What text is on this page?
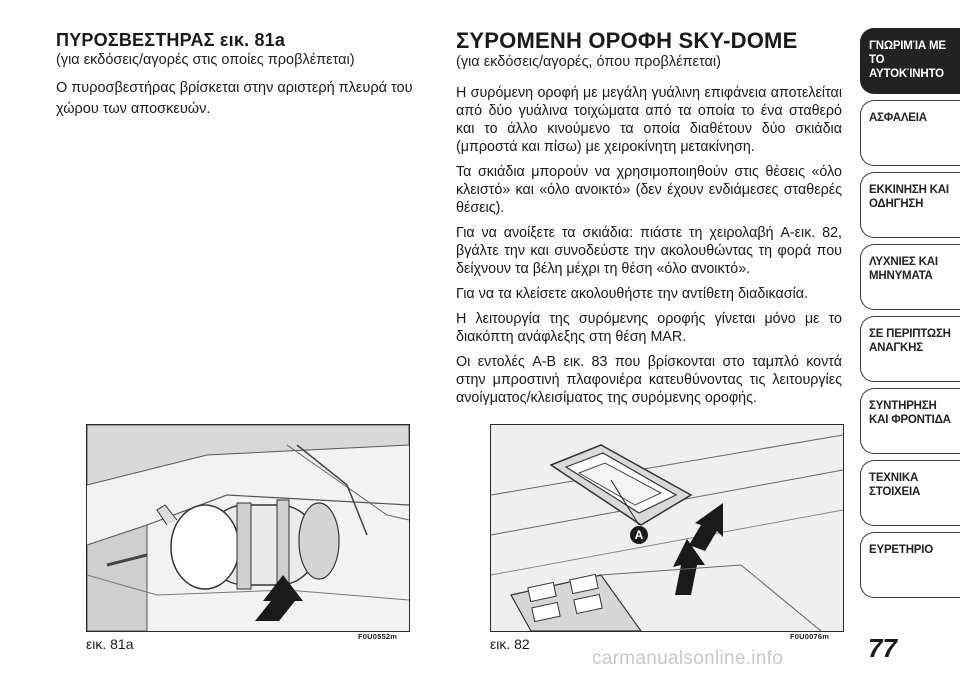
ΠΥΡΟΣΒΕΣΤΗΡΑΣ εικ. 81a
(για εκδόσεις/αγορές στις οποίες προβλέπεται)

Ο πυροσβεστήρας βρίσκεται στην αριστερή πλευρά του χώρου των αποσκευών.

ΣΥΡΟΜΕΝΗ ΟΡΟΦΗ SKY-DOME
(για εκδόσεις/αγορές, όπου προβλέπεται)

Η συρόμενη οροφή με μεγάλη γυάλινη επιφάνεια αποτελείται από δύο γυάλινα τοιχώματα από τα οποία το ένα σταθερό και το άλλο κινούμενο τα οποία διαθέτουν δύο σκιάδια (μπροστά και πίσω) με χειροκίνητη μετακίνηση.

Τα σκιάδια μπορούν να χρησιμοποιηθούν στις θέσεις «όλο κλειστό» και «όλο ανοικτό» (δεν έχουν ενδιάμεσες σταθερές θέσεις).

Για να ανοίξετε τα σκιάδια: πιάστε τη χειρολαβή A-εικ. 82, βγάλτε την και συνοδεύστε την ακολουθώντας τη φορά που δείχνουν τα βέλη μέχρι τη θέση «όλο ανοικτό».

Για να τα κλείσετε ακολουθήστε την αντίθετη διαδικασία.

Η λειτουργία της συρόμενης οροφής γίνεται μόνο με το διακόπτη ανάφλεξης στη θέση MAR.

Οι εντολές A-B εικ. 83 που βρίσκονται στο ταμπλό κοντά στην μπροστινή πλαφονιέρα κατευθύνοντας τις λειτουργίες ανοίγματος/κλεισίματος της συρόμενης οροφής.

εικ. 81a	F0U0552m
A
εικ. 82	F0U0076m 77
ΓΝΩΡΙΜΊΑ ΜΕ ΤΟ ΑΥΤΟΚΊΝΗΤΟ
ΑΣΦΑΛΕΙΑ
ΕΚΚΙΝΗΣΗ ΚΑΙ ΟΔΗΓΗΣΗ
ΛΥΧΝΙΕΣ ΚΑΙ ΜΗΝΥΜΑΤΑ
ΣΕ ΠΕΡΙΠΤΩΣΗ ΑΝΑΓΚΗΣ
ΣΥΝΤΗΡΗΣΗ ΚΑΙ ΦΡΟΝΤΙΔΑ
ΤΕΧΝΙΚΑ ΣΤΟΙΧΕΙΑ
ΕΥΡΕΤΗΡΙΟ
carmanualsonline.info
